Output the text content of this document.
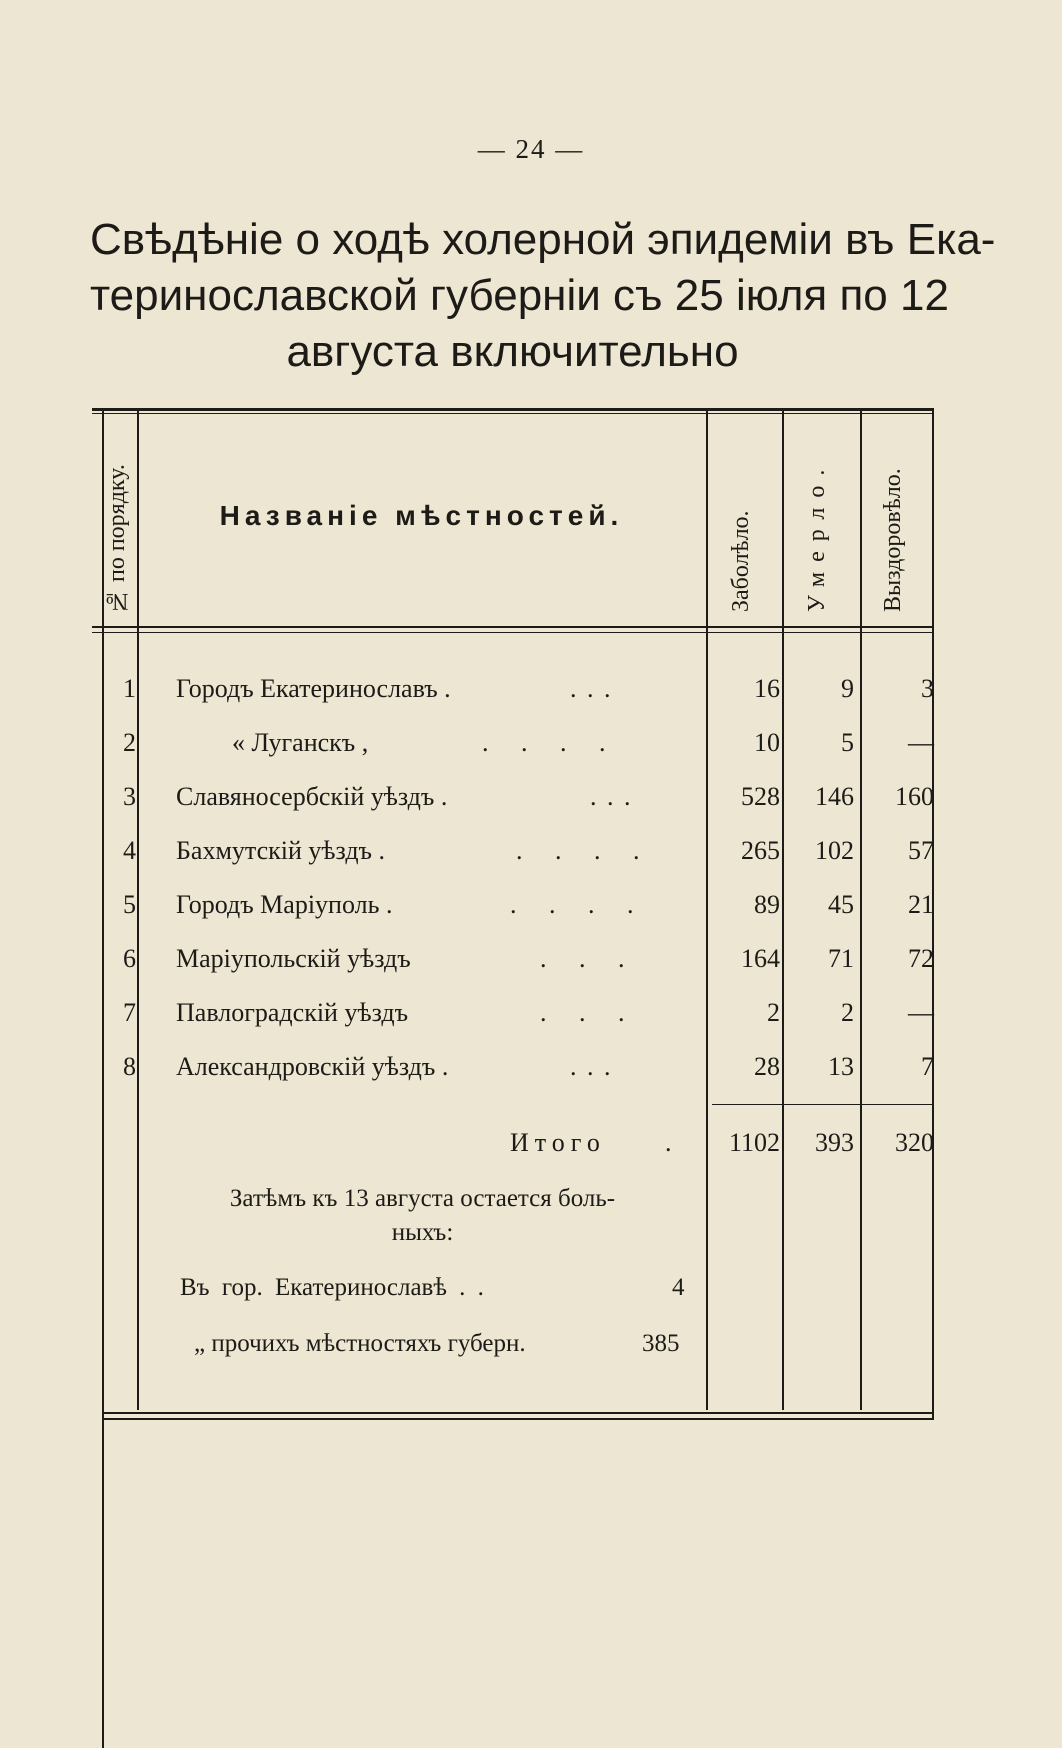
— 24 —
Свѣдѣніе о ходѣ холерной эпидеміи въ Ека-
теринославской губерніи съ 25 іюля по 12
августа включительно
№ по порядку.	Названіе мѣстностей.	Заболѣло. Умерло. Выздоровѣло.
1 Городъ Екатеринославъ .	. . .	16 9	3
2	« Луганскъ ,	. . . .	10 5 —
3 Славяносербскій уѣздъ .	. . .	528 146 160
4 Бахмутскій уѣздъ .	. . . .	265 102 57
5 Городъ Маріуполь .	. . . .	89 45 21
6 Маріупольскій уѣздъ	. . .	164 71 72
7 Павлоградскій уѣздъ	. . .	2 2 —
8 Александровскій уѣздъ .	. . .	28 13	7
Итого . 1102 393 320
Затѣмъ къ 13 августа остается боль-
ныхъ:
Въ гор. Екатеринославѣ . .	4
„ прочихъ мѣстностяхъ губерн.	385
